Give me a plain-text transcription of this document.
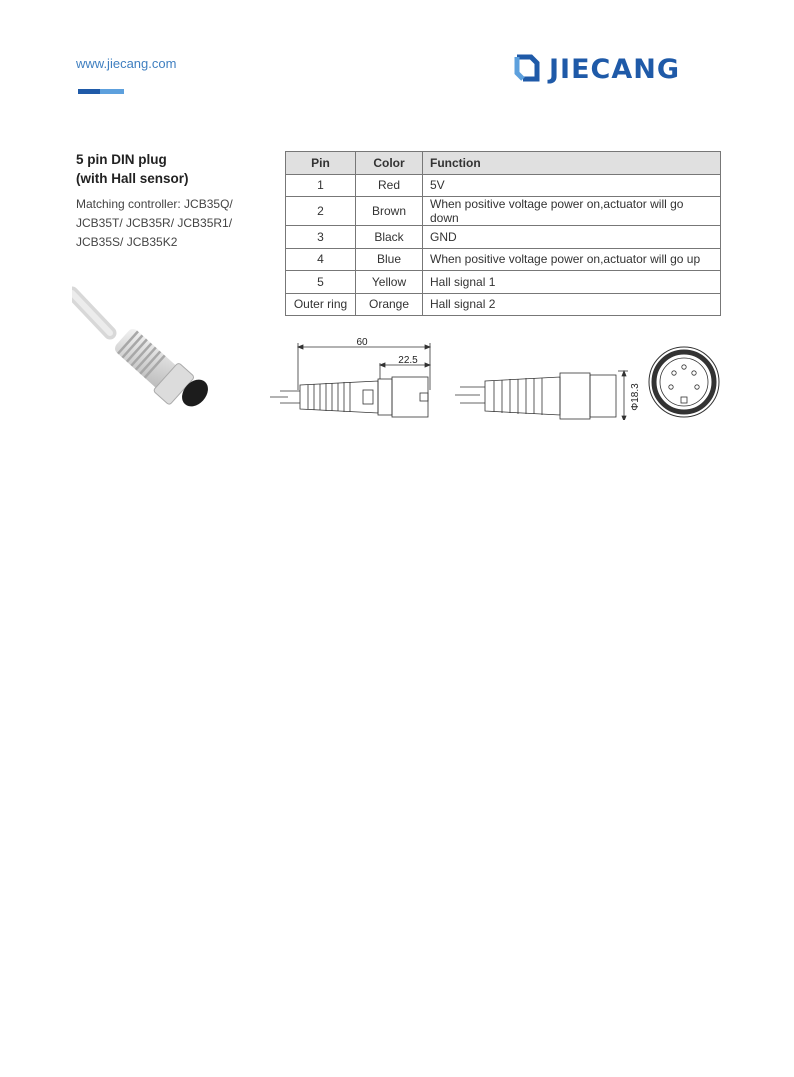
www.jiecang.com	JIECANG
5 pin DIN plug
(with Hall sensor)
Matching controller: JCB35Q/
JCB35T/ JCB35R/ JCB35R1/
JCB35S/ JCB35K2
Pin	Color	Function
1	Red	5V
2	Brown	When positive voltage power on,actuator will go down
3	Black	GND
4	Blue	When positive voltage power on,actuator will go up
5	Yellow	Hall signal 1
Outer ring	Orange	Hall signal 2
60
22.5
Φ18.3
